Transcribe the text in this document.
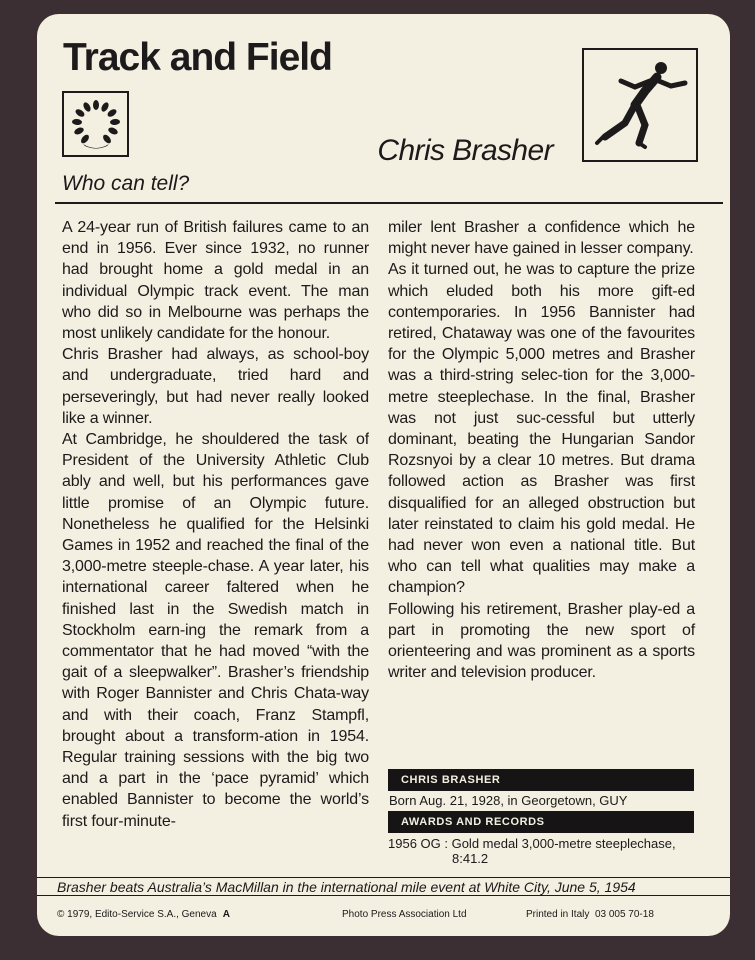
Track and Field
Chris Brasher
Who can tell?

A 24-year run of British failures came to an end in 1956. Ever since 1932, no runner had brought home a gold medal in an individual Olympic track event. The man who did so in Melbourne was perhaps the most unlikely candidate for the honour.

Chris Brasher had always, as school-boy and undergraduate, tried hard and perseveringly, but had never really looked like a winner.

At Cambridge, he shouldered the task of President of the University Athletic Club ably and well, but his performances gave little promise of an Olympic future. Nonetheless he qualified for the Helsinki Games in 1952 and reached the final of the 3,000-metre steeple-chase. A year later, his international career faltered when he finished last in the Swedish match in Stockholm earn-ing the remark from a commentator that he had moved “with the gait of a sleepwalker”. Brasher’s friendship with Roger Bannister and Chris Chata-way and with their coach, Franz Stampfl, brought about a transform-ation in 1954. Regular training sessions with the big two and a part in the ‘pace pyramid’ which enabled Bannister to become the world’s first four-minute-

miler lent Brasher a confidence which he might never have gained in lesser company.

As it turned out, he was to capture the prize which eluded both his more gift-ed contemporaries. In 1956 Bannister had retired, Chataway was one of the favourites for the Olympic 5,000 metres and Brasher was a third-string selec-tion for the 3,000-metre steeplechase. In the final, Brasher was not just suc-cessful but utterly dominant, beating the Hungarian Sandor Rozsnyoi by a clear 10 metres. But drama followed action as Brasher was first disqualified for an alleged obstruction but later reinstated to claim his gold medal. He had never won even a national title. But who can tell what qualities may make a champion?

Following his retirement, Brasher play-ed a part in promoting the new sport of orienteering and was prominent as a sports writer and television producer.

CHRIS BRASHER
Born Aug. 21, 1928, in Georgetown, GUY
AWARDS AND RECORDS
1956 OG : Gold medal 3,000-metre steeplechase,
8:41.2
Brasher beats Australia’s MacMillan in the international mile event at White City, June 5, 1954
© 1979, Edito-Service S.A., Geneva A	Photo Press Association Ltd	Printed in Italy 03 005 70-18
